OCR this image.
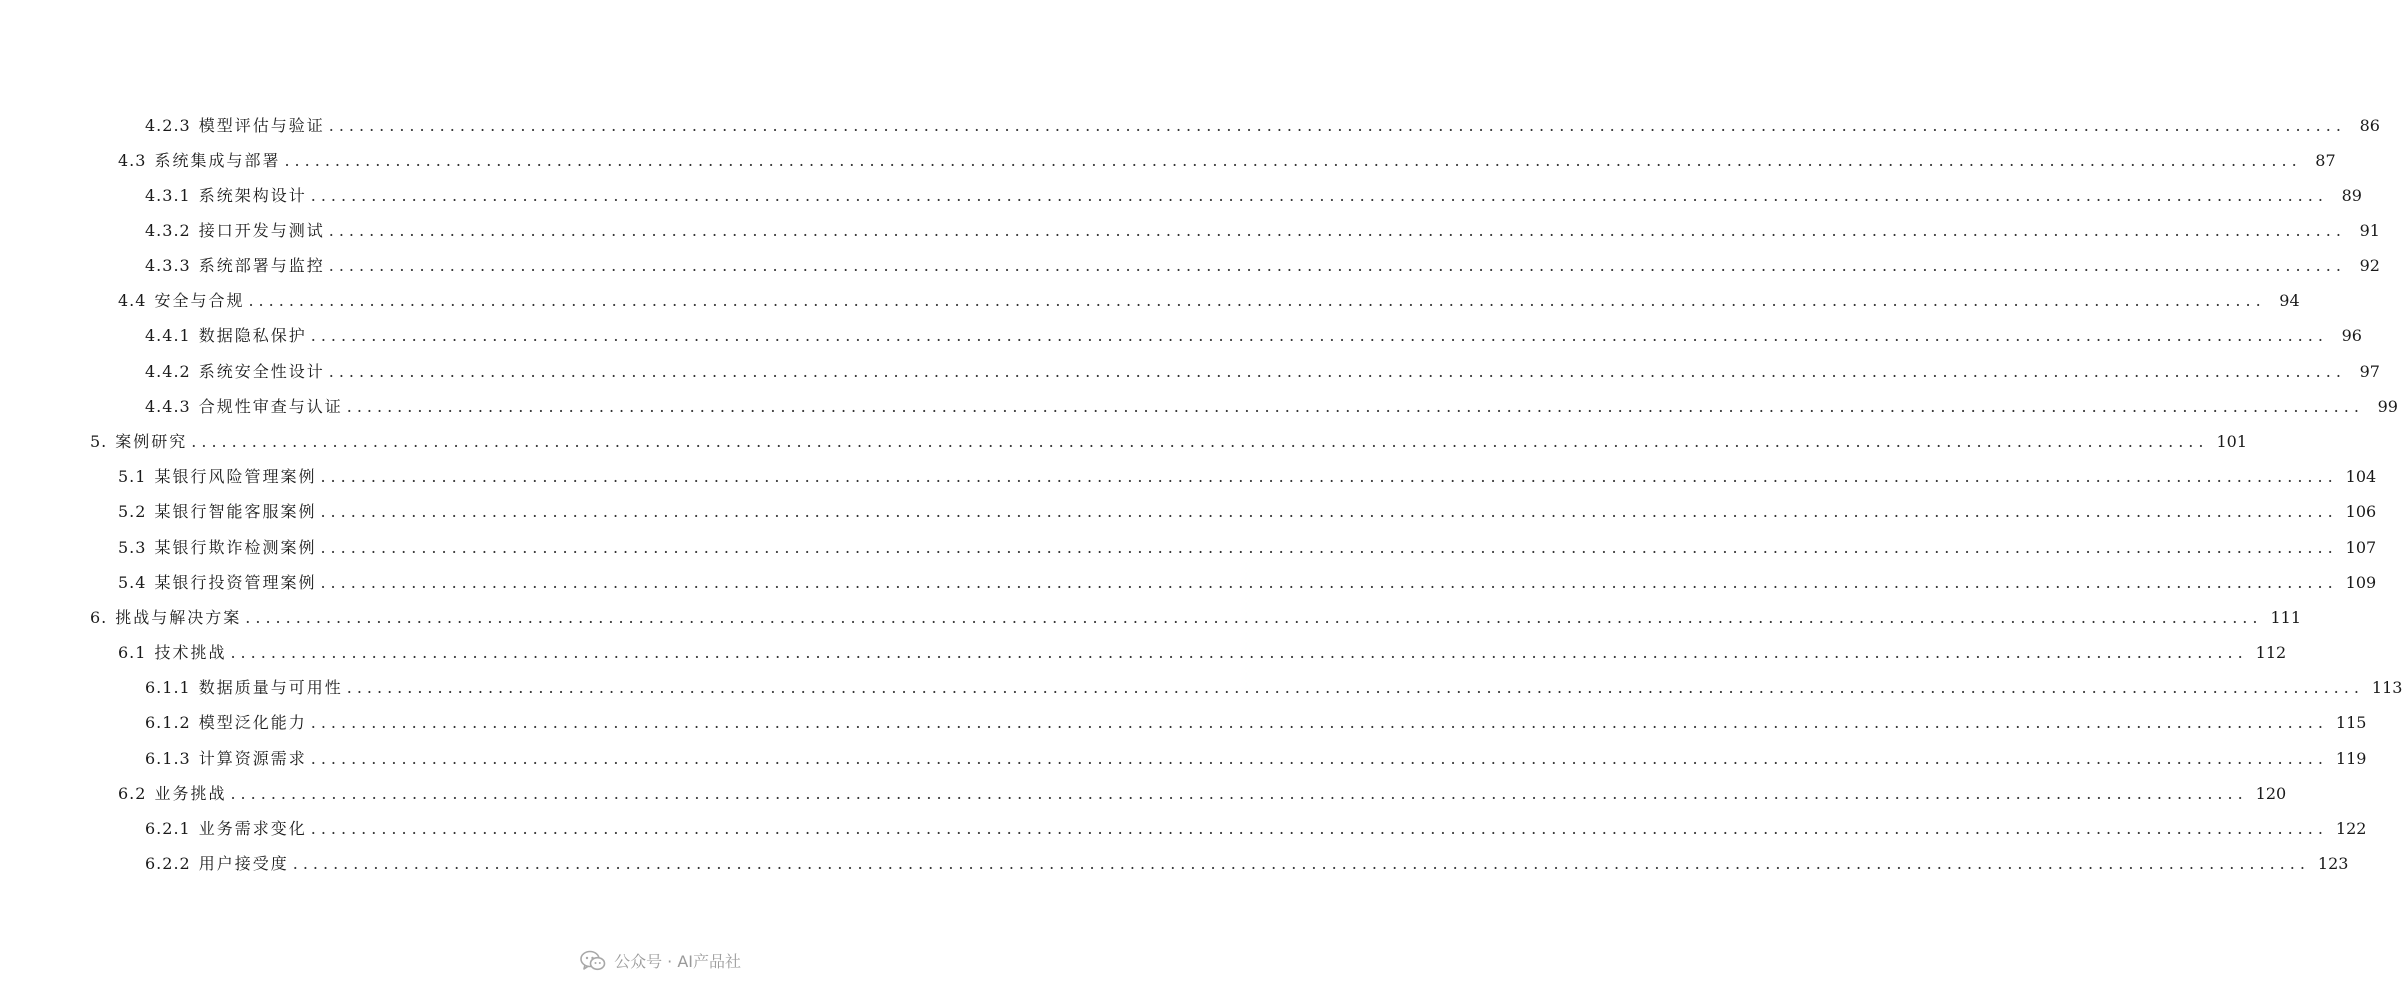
4.2.3 模型评估与验证 ........................................................................................................................................................................................................ 86
4.3 系统集成与部署 ........................................................................................................................................................................................................ 87
4.3.1 系统架构设计 ........................................................................................................................................................................................................ 89
4.3.2 接口开发与测试 ........................................................................................................................................................................................................ 91
4.3.3 系统部署与监控 ........................................................................................................................................................................................................ 92
4.4 安全与合规 ........................................................................................................................................................................................................ 94
4.4.1 数据隐私保护 ........................................................................................................................................................................................................ 96
4.4.2 系统安全性设计 ........................................................................................................................................................................................................ 97
4.4.3 合规性审查与认证 ........................................................................................................................................................................................................ 99
5. 案例研究 ........................................................................................................................................................................................................ 101
5.1 某银行风险管理案例 ........................................................................................................................................................................................................ 104
5.2 某银行智能客服案例 ........................................................................................................................................................................................................ 106
5.3 某银行欺诈检测案例 ........................................................................................................................................................................................................ 107
5.4 某银行投资管理案例 ........................................................................................................................................................................................................ 109
6. 挑战与解决方案 ........................................................................................................................................................................................................ 111
6.1 技术挑战 ........................................................................................................................................................................................................ 112
6.1.1 数据质量与可用性 ........................................................................................................................................................................................................ 113
6.1.2 模型泛化能力 ........................................................................................................................................................................................................ 115
6.1.3 计算资源需求 ........................................................................................................................................................................................................ 119
6.2 业务挑战 ........................................................................................................................................................................................................ 120
6.2.1 业务需求变化 ........................................................................................................................................................................................................ 122
6.2.2 用户接受度 ........................................................................................................................................................................................................ 123
公众号 · AI产品社
